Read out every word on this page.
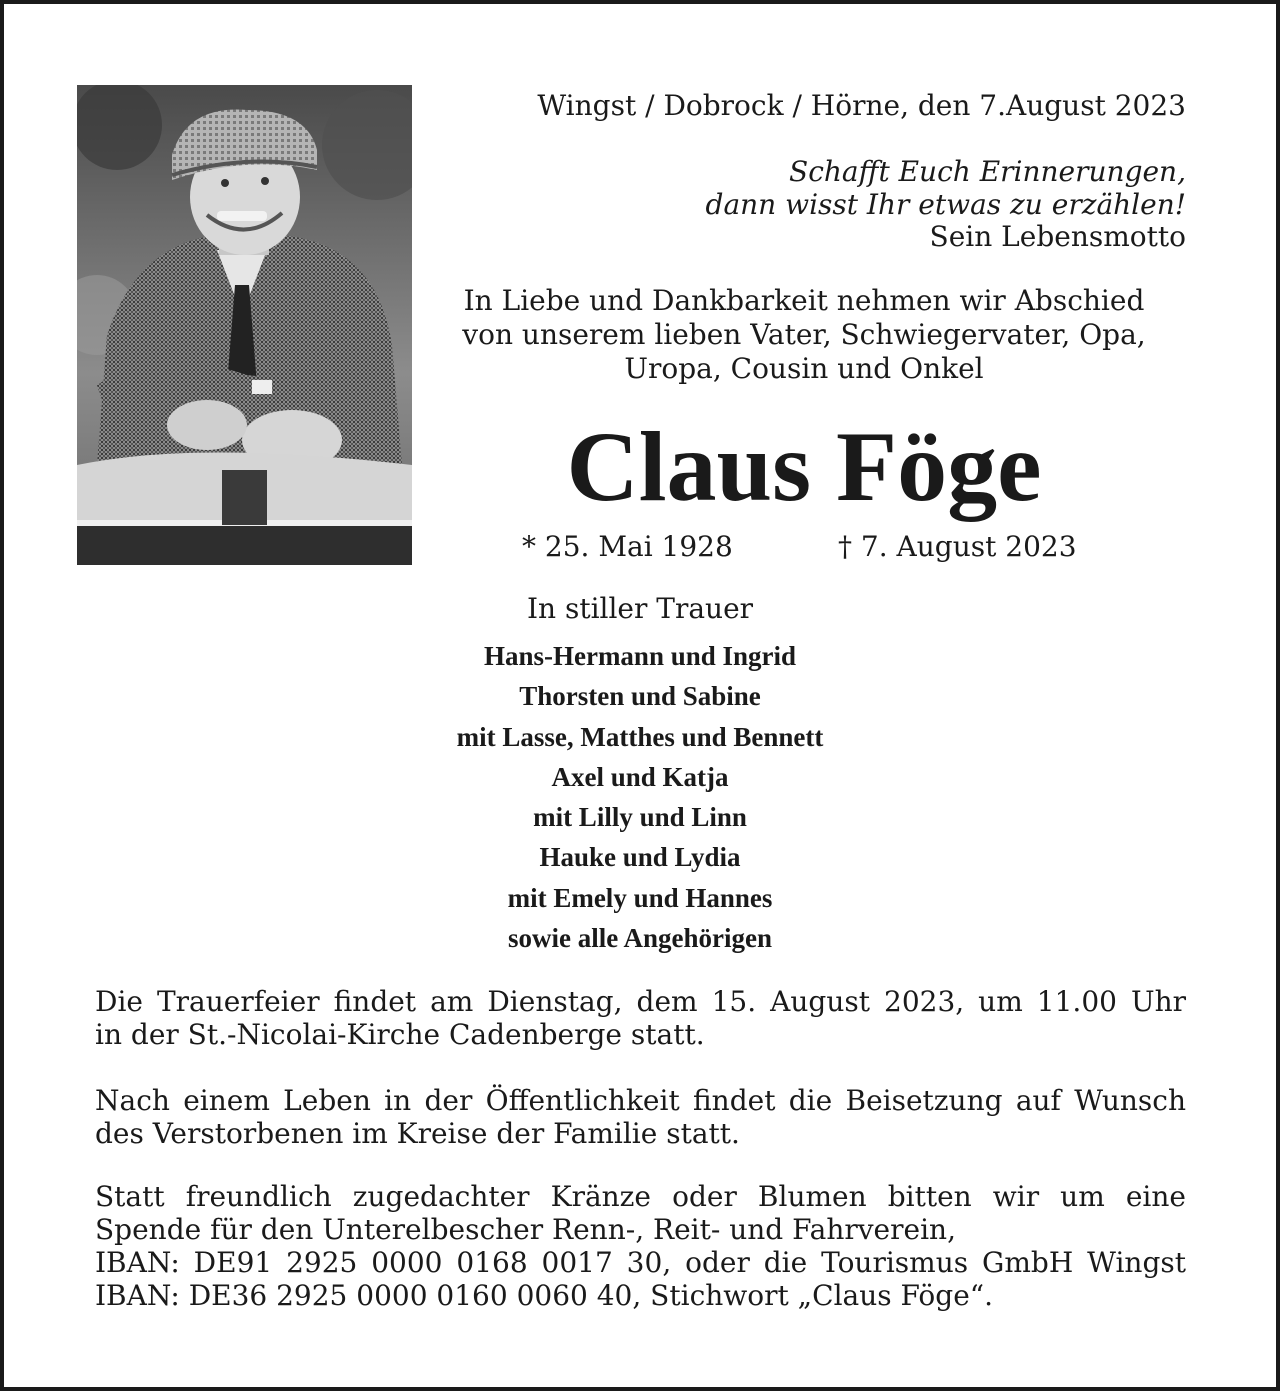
Wingst / Dobrock / Hörne, den 7.August 2023
Schafft Euch Erinnerungen,
dann wisst Ihr etwas zu erzählen!
Sein Lebensmotto
In Liebe und Dankbarkeit nehmen wir Abschied
von unserem lieben Vater, Schwiegervater, Opa,
Uropa, Cousin und Onkel
Claus Föge
* 25. Mai 1928	† 7. August 2023
In stiller Trauer
Hans-Hermann und Ingrid
Thorsten und Sabine
mit Lasse, Matthes und Bennett
Axel und Katja
mit Lilly und Linn
Hauke und Lydia
mit Emely und Hannes
sowie alle Angehörigen
Die Trauerfeier findet am Dienstag, dem 15. August 2023, um 11.00 Uhr
in der St.-Nicolai-Kirche Cadenberge statt.
Nach einem Leben in der Öffentlichkeit findet die Beisetzung auf Wunsch
des Verstorbenen im Kreise der Familie statt.
Statt freundlich zugedachter Kränze oder Blumen bitten wir um eine
Spende für den Unterelbescher Renn-, Reit- und Fahrverein,
IBAN: DE91 2925 0000 0168 0017 30, oder die Tourismus GmbH Wingst
IBAN: DE36 2925 0000 0160 0060 40, Stichwort „Claus Föge“.
